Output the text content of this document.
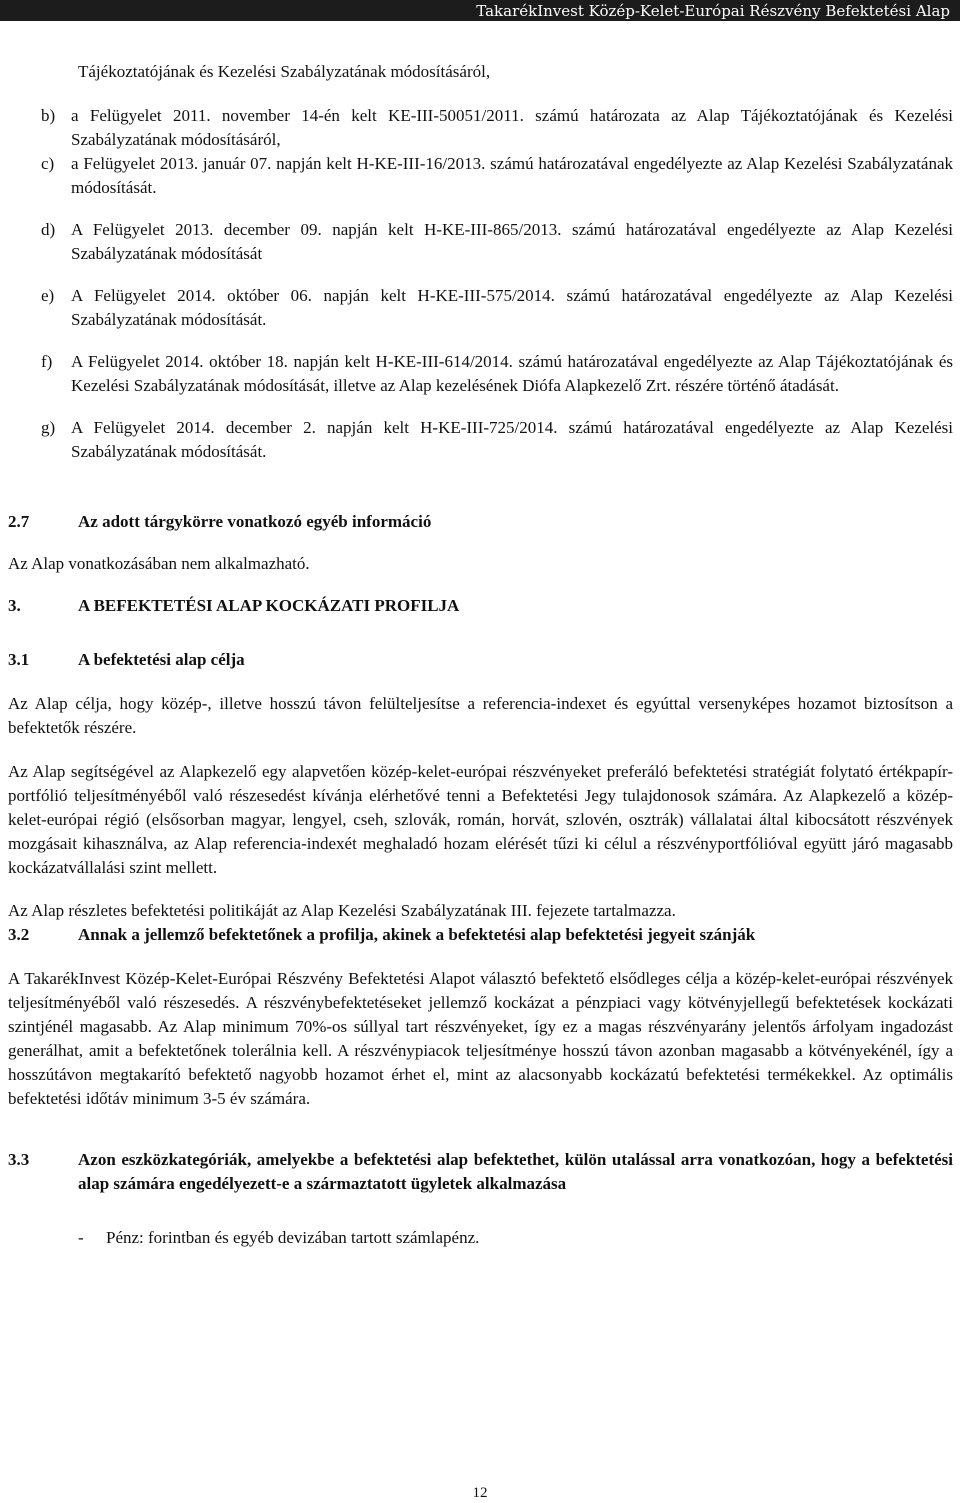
TakarékInvest Közép-Kelet-Európai Részvény Befektetési Alap

Tájékoztatójának és Kezelési Szabályzatának módosításáról,

b) a Felügyelet 2011. november 14-én kelt KE-III-50051/2011. számú határozata az Alap Tájékoztatójának és Kezelési Szabályzatának módosításáról,
c) a Felügyelet 2013. január 07. napján kelt H-KE-III-16/2013. számú határozatával engedélyezte az Alap Kezelési Szabályzatának módosítását.
d) A Felügyelet 2013. december 09. napján kelt H-KE-III-865/2013. számú határozatával engedélyezte az Alap Kezelési Szabályzatának módosítását
e) A Felügyelet 2014. október 06. napján kelt H-KE-III-575/2014. számú határozatával engedélyezte az Alap Kezelési Szabályzatának módosítását.
f)	A Felügyelet 2014. október 18. napján kelt H-KE-III-614/2014. számú határozatával engedélyezte az Alap Tájékoztatójának és Kezelési Szabályzatának módosítását, illetve az Alap kezelésének Diófa Alapkezelő Zrt. részére történő átadását.
g) A Felügyelet 2014. december 2. napján kelt H-KE-III-725/2014. számú határozatával engedélyezte az Alap Kezelési Szabályzatának módosítását.
2.7	Az adott tárgykörre vonatkozó egyéb információ

Az Alap vonatkozásában nem alkalmazható.

3.	A BEFEKTETÉSI ALAP KOCKÁZATI PROFILJA
3.1	A befektetési alap célja

Az Alap célja, hogy közép-, illetve hosszú távon felülteljesítse a referencia-indexet és egyúttal versenyképes hozamot biztosítson a befektetők részére.

Az Alap segítségével az Alapkezelő egy alapvetően közép-kelet-európai részvényeket preferáló befektetési stratégiát folytató értékpapír-portfólió teljesítményéből való részesedést kívánja elérhetővé tenni a Befektetési Jegy tulajdonosok számára. Az Alapkezelő a közép-kelet-európai régió (elsősorban magyar, lengyel, cseh, szlovák, román, horvát, szlovén, osztrák) vállalatai által kibocsátott részvények mozgásait kihasználva, az Alap referencia-indexét meghaladó hozam elérését tűzi ki célul a részvényportfólióval együtt járó magasabb kockázatvállalási szint mellett.

Az Alap részletes befektetési politikáját az Alap Kezelési Szabályzatának III. fejezete tartalmazza.

3.2	Annak a jellemző befektetőnek a profilja, akinek a befektetési alap befektetési jegyeit szánják

A TakarékInvest Közép-Kelet-Európai Részvény Befektetési Alapot választó befektető elsődleges célja a közép-kelet-európai részvények teljesítményéből való részesedés. A részvénybefektetéseket jellemző kockázat a pénzpiaci vagy kötvényjellegű befektetések kockázati szintjénél magasabb. Az Alap minimum 70%-os súllyal tart részvényeket, így ez a magas részvényarány jelentős árfolyam ingadozást generálhat, amit a befektetőnek tolerálnia kell. A részvénypiacok teljesítménye hosszú távon azonban magasabb a kötvényekénél, így a hosszútávon megtakarító befektető nagyobb hozamot érhet el, mint az alacsonyabb kockázatú befektetési termékekkel. Az optimális befektetési időtáv minimum 3-5 év számára.

3.3	Azon eszközkategóriák, amelyekbe a befektetési alap befektethet, külön utalással arra vonatkozóan, hogy a befektetési alap számára engedélyezett-e a származtatott ügyletek alkalmazása
-	Pénz: forintban és egyéb devizában tartott számlapénz.
12
